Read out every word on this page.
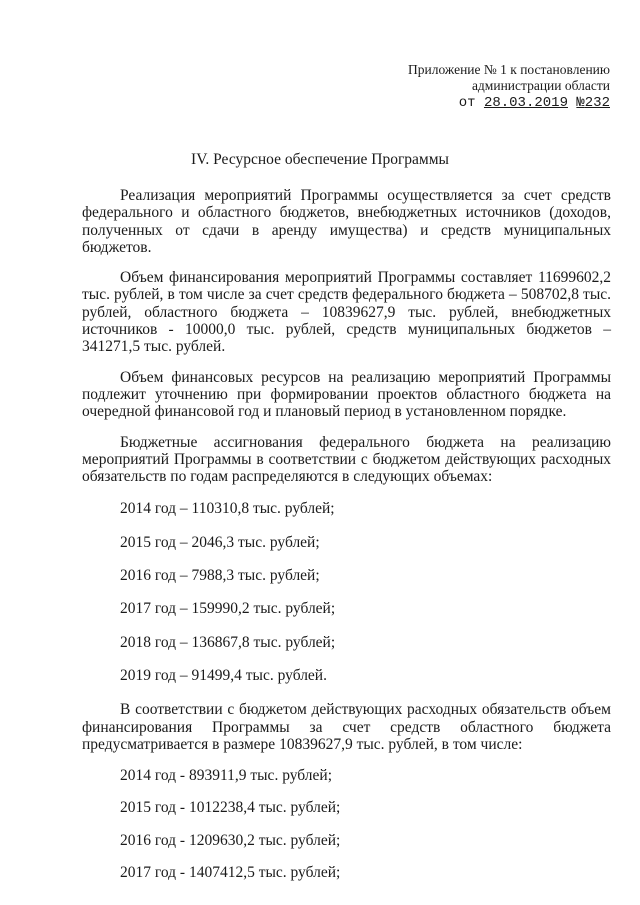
Приложение № 1 к постановлению
администрации области
от 28.03.2019 №232
IV. Ресурсное обеспечение Программы

Реализация мероприятий Программы осуществляется за счет средств федерального и областного бюджетов, внебюджетных источников (доходов, полученных от сдачи в аренду имущества) и средств муниципальных бюджетов.

Объем финансирования мероприятий Программы составляет 11699602,2 тыс. рублей, в том числе за счет средств федерального бюджета – 508702,8 тыс. рублей, областного бюджета – 10839627,9 тыс. рублей, внебюджетных источников - 10000,0 тыс. рублей, средств муниципальных бюджетов – 341271,5 тыс. рублей.

Объем финансовых ресурсов на реализацию мероприятий Программы подлежит уточнению при формировании проектов областного бюджета на очередной финансовой год и плановый период в установленном порядке.

Бюджетные ассигнования федерального бюджета на реализацию мероприятий Программы в соответствии с бюджетом действующих расходных обязательств по годам распределяются в следующих объемах:

2014 год – 110310,8 тыс. рублей;

2015 год – 2046,3 тыс. рублей;

2016 год – 7988,3 тыс. рублей;

2017 год – 159990,2 тыс. рублей;

2018 год – 136867,8 тыс. рублей;

2019 год – 91499,4 тыс. рублей.

В соответствии с бюджетом действующих расходных обязательств объем финансирования Программы за счет средств областного бюджета предусматривается в размере 10839627,9 тыс. рублей, в том числе:

2014 год - 893911,9 тыс. рублей;

2015 год - 1012238,4 тыс. рублей;

2016 год - 1209630,2 тыс. рублей;

2017 год - 1407412,5 тыс. рублей;
